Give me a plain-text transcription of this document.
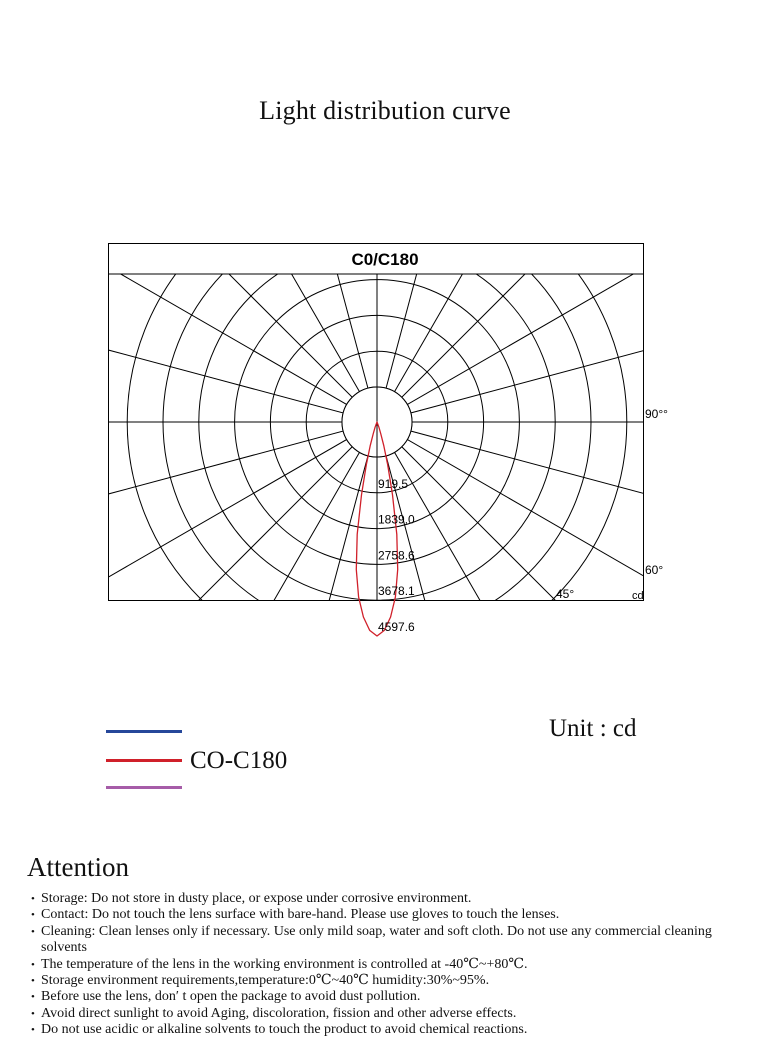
Light distribution curve
C0/C180
90°°
60°
45°	cd
919.5
1839.0
2758.6
3678.1
4597.6
CO-C180
Unit : cd
Attention
• Storage: Do not store in dusty place, or expose under corrosive environment.
• Contact: Do not touch the lens surface with bare-hand. Please use gloves to touch the lenses.
• Cleaning: Clean lenses only if necessary. Use only mild soap, water and soft cloth. Do not use any commercial cleaning solvents
• The temperature of the lens in the working environment is controlled at -40℃~+80℃.
• Storage environment requirements,temperature:0℃~40℃ humidity:30%~95%.
• Before use the lens, don′ t open the package to avoid dust pollution.
• Avoid direct sunlight to avoid Aging, discoloration, fission and other adverse effects.
• Do not use acidic or alkaline solvents to touch the product to avoid chemical reactions.
